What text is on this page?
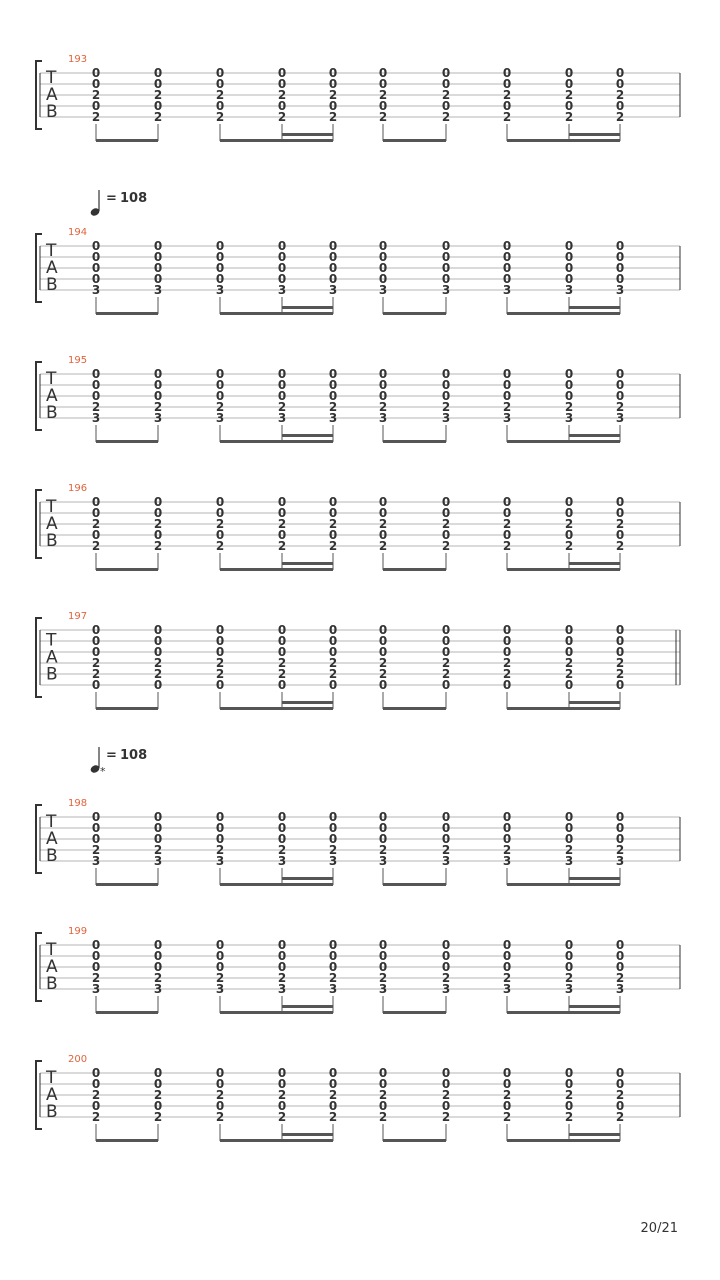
T
A
B
193
0
0
2
0
2
0
0
2
0
2
0
0
2
0
2
0
0
2
0
2
0
0
2
0
2
0
0
2
0
2
0
0
2
0
2
0
0
2
0
2
0
0
2
0
2
0
0
2
0
2
T
A
B
194
0
0
0
0
3
0
0
0
0
3
0
0
0
0
3
0
0
0
0
3
0
0
0
0
3
0
0
0
0
3
0
0
0
0
3
0
0
0
0
3
0
0
0
0
3
0
0
0
0
3
T
A
B
195
0
0
0
2
3
0
0
0
2
3
0
0
0
2
3
0
0
0
2
3
0
0
0
2
3
0
0
0
2
3
0
0
0
2
3
0
0
0
2
3
0
0
0
2
3
0
0
0
2
3
T
A
B
196
0
0
2
0
2
0
0
2
0
2
0
0
2
0
2
0
0
2
0
2
0
0
2
0
2
0
0
2
0
2
0
0
2
0
2
0
0
2
0
2
0
0
2
0
2
0
0
2
0
2
T
A
B
197
0
0
0
2
2
0
0
0
0
2
2
0
0
0
0
2
2
0
0
0
0
2
2
0
0
0
0
2
2
0
0
0
0
2
2
0
0
0
0
2
2
0
0
0
0
2
2
0
0
0
0
2
2
0
0
0
0
2
2
0
T
A
B
198
0
0
0
2
3
0
0
0
2
3
0
0
0
2
3
0
0
0
2
3
0
0
0
2
3
0
0
0
2
3
0
0
0
2
3
0
0
0
2
3
0
0
0
2
3
0
0
0
2
3
T
A
B
199
0
0
0
2
3
0
0
0
2
3
0
0
0
2
3
0
0
0
2
3
0
0
0
2
3
0
0
0
2
3
0
0
0
2
3
0
0
0
2
3
0
0
0
2
3
0
0
0
2
3
T
A
B
200
0
0
2
0
2
0
0
2
0
2
0
0
2
0
2
0
0
2
0
2
0
0
2
0
2
0
0
2
0
2
0
0
2
0
2
0
0
2
0
2
0
0
2
0
2
0
0
2
0
2
= 108
= 108
*
20/21
